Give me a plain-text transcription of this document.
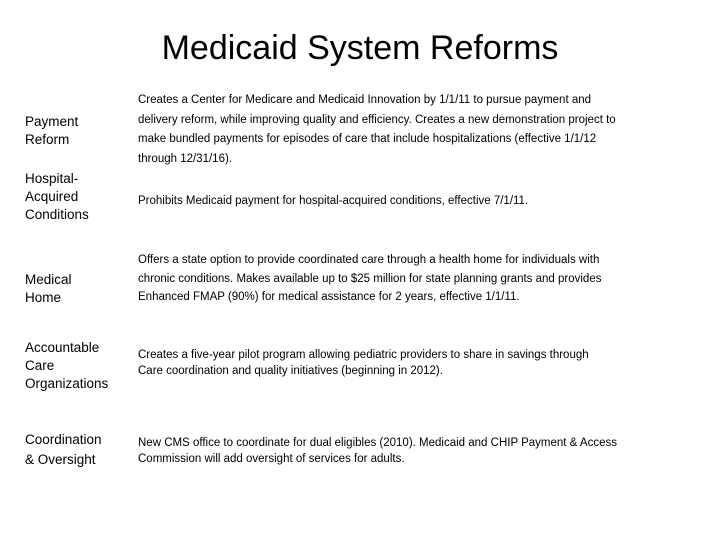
Medicaid System Reforms
Payment
Reform
Creates a Center for Medicare and Medicaid Innovation by 1/1/11 to pursue payment and
delivery reform, while improving quality and efficiency. Creates a new demonstration project to
make bundled payments for episodes of care that include hospitalizations (effective 1/1/12
through 12/31/16).
Hospital-
Acquired
Conditions
Prohibits Medicaid payment for hospital-acquired conditions, effective 7/1/11.
Medical
Home
Offers a state option to provide coordinated care through a health home for individuals with
chronic conditions. Makes available up to $25 million for state planning grants and provides
Enhanced FMAP (90%) for medical assistance for 2 years, effective 1/1/11.
Accountable
Care
Organizations
Creates a five-year pilot program allowing pediatric providers to share in savings through
Care coordination and quality initiatives (beginning in 2012).
Coordination
& Oversight
New CMS office to coordinate for dual eligibles (2010). Medicaid and CHIP Payment & Access
Commission will add oversight of services for adults.
